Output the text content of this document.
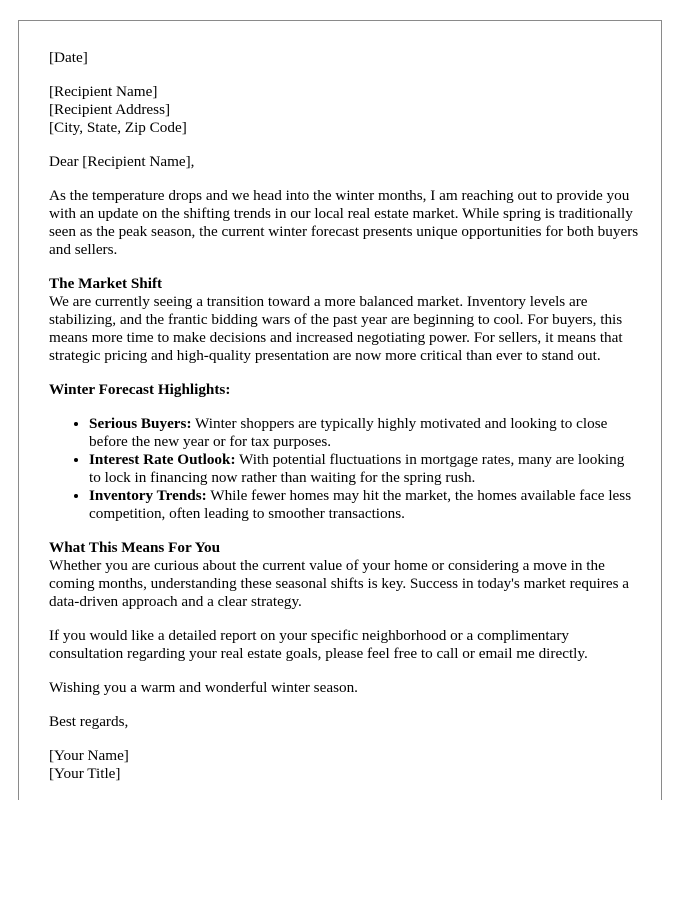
[Date]

[Recipient Name]
[Recipient Address]
[City, State, Zip Code]

Dear [Recipient Name],

As the temperature drops and we head into the winter months, I am reaching out to provide you with an update on the shifting trends in our local real estate market. While spring is traditionally seen as the peak season, the current winter forecast presents unique opportunities for both buyers and sellers.

The Market Shift
We are currently seeing a transition toward a more balanced market. Inventory levels are stabilizing, and the frantic bidding wars of the past year are beginning to cool. For buyers, this means more time to make decisions and increased negotiating power. For sellers, it means that strategic pricing and high-quality presentation are now more critical than ever to stand out.
Winter Forecast Highlights:
• Serious Buyers: Winter shoppers are typically highly motivated and looking to close before the new year or for tax purposes.
• Interest Rate Outlook: With potential fluctuations in mortgage rates, many are looking to lock in financing now rather than waiting for the spring rush.
• Inventory Trends: While fewer homes may hit the market, the homes available face less competition, often leading to smoother transactions.
What This Means For You
Whether you are curious about the current value of your home or considering a move in the coming months, understanding these seasonal shifts is key. Success in today's market requires a data-driven approach and a clear strategy.

If you would like a detailed report on your specific neighborhood or a complimentary consultation regarding your real estate goals, please feel free to call or email me directly.

Wishing you a warm and wonderful winter season.

Best regards,

[Your Name]
[Your Title]
